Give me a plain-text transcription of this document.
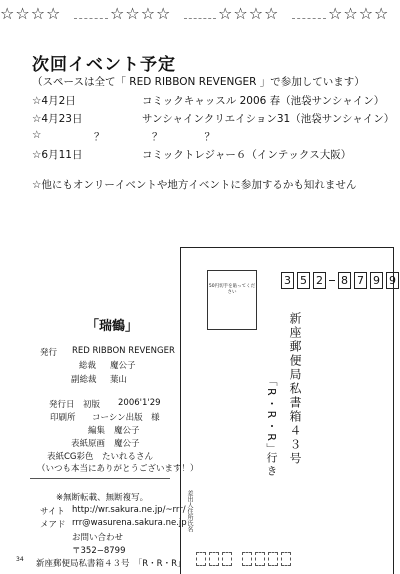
☆☆☆☆	☆☆☆☆	☆☆☆☆	☆☆☆☆
次回イベント予定
（スペースは全て「 RED RIBBON REVENGER 」で参加しています）
☆4月2日	コミックキャッスル 2006 春（池袋サンシャイン）
☆4月23日	サンシャインクリエイション31（池袋サンシャイン）
☆	？	？　　　　？
☆6月11日	コミックトレジャー６（インテックス大阪）
☆他にもオンリーイベントや地方イベントに参加するかも知れません
「瑞鶴」
発行 RED RIBBON REVENGER
総裁 魔公子
副総裁 葉山
発行日 初版 2006'1'29
印刷所 コーシン出版　様
編集 魔公子
表紙原画 魔公子
表紙CG彩色 たいれるさん
（いつも本当にありがとうございます！）
※無断転載、無断複写。
サイト http://wr.sakura.ne.jp/~rrr/
メアド rrr@wasurena.sakura.ne.jp
お問い合わせ
〒352−8799
34 新座郵便局私書箱４３号　「R・R・R」
50円切手を貼ってください
3 5 2 8 7 9 9
新座郵便局私書箱４３号
「R・R・R」
行き
差出人住所氏名
